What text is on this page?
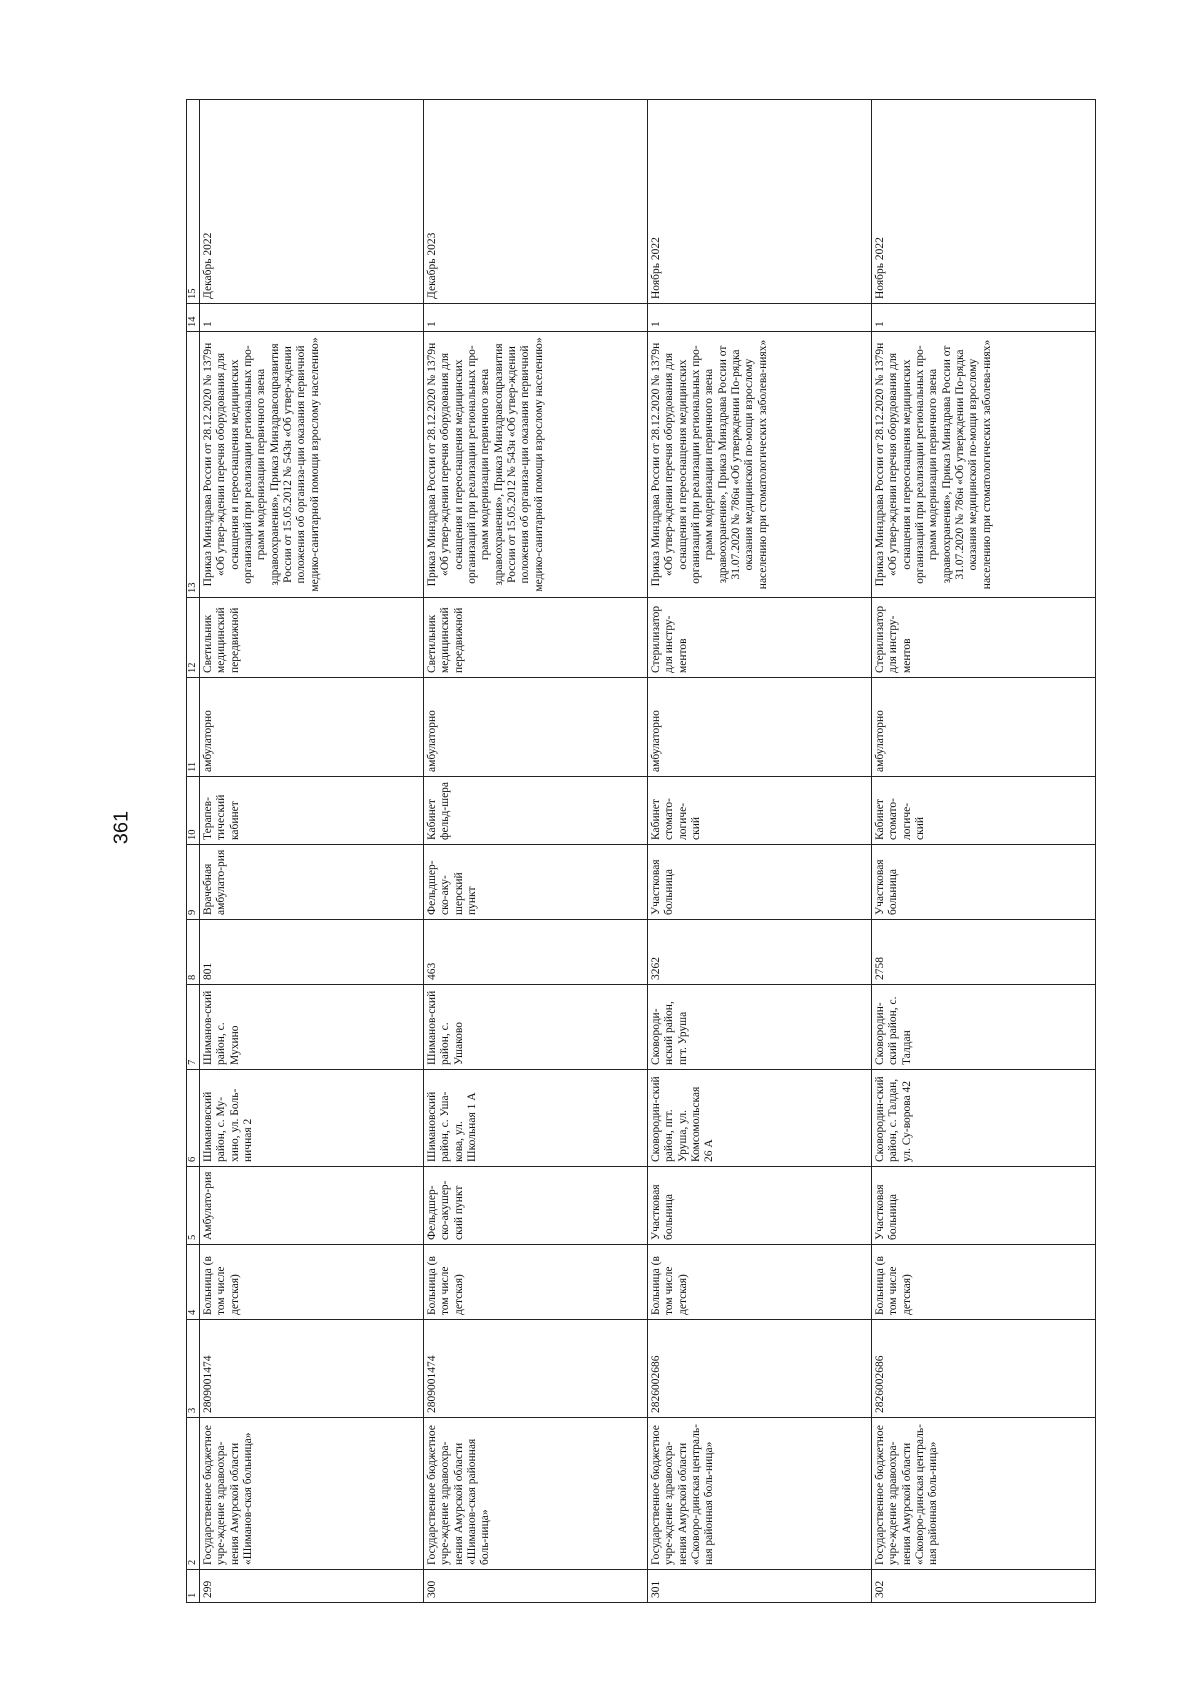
361
1	2	3	4	5	6	7	8	9	10	11	12	13	14	15
299	Государственное бюджетное учре-ждение здравоохра-нения Амурской области «Шиманов-ская больница»	2809001474	Больница (в том числе детская)	Амбулато-рия	Шимановский район, с. Му-хино, ул. Боль-ничная 2	Шиманов-ский район, с. Мухино	801	Врачебная амбулато-рия	Терапев-тический кабинет	амбулаторно	Светильник медицинский передвижной	Приказ Минздрава России от 28.12.2020 № 1379н «Об утвер-ждении перечня оборудования для оснащения и переоснащения медицинских организаций при реализации региональных про-грамм модернизации первичного звена здравоохранения», Приказ Минздравсоцразвития России от 15.05.2012 № 543н «Об утвер-ждении положения об организа-ции оказания первичной медико-санитарной помощи взрослому населению»	1	Декабрь 2022
300	Государственное бюджетное учре-ждение здравоохра-нения Амурской области «Шиманов-ская районная боль-ница»	2809001474	Больница (в том числе детская)	Фельдшер-ско-акушер-ский пункт	Шимановский район, с. Ушa-кова, ул. Школьная 1 А	Шиманов-ский район, с. Ушаково	463	Фельдшер-ско-аку-шерский пункт	Кабинет фельд-шера	амбулаторно	Светильник медицинский передвижной	Приказ Минздрава России от 28.12.2020 № 1379н «Об утвер-ждении перечня оборудования для оснащения и переоснащения медицинских организаций при реализации региональных про-грамм модернизации первичного звена здравоохранения», Приказ Минздравсоцразвития России от 15.05.2012 № 543н «Об утвер-ждении положения об организа-ции оказания первичной медико-санитарной помощи взрослому населению»	1	Декабрь 2023
301	Государственное бюджетное учре-ждение здравоохра-нения Амурской области «Сковоро-динская централь-ная районная боль-ница»	2826002686	Больница (в том числе детская)	Участковая больница	Сковородин-ский район, пгт. Уруша, ул. Комсомольская 26 А	Сковороди-нский район, пгт. Уруша	3262	Участковая больница	Кабинет стомато-логиче-ский	амбулаторно	Стерилизатор для инстру-ментов	Приказ Минздрава России от 28.12.2020 № 1379н «Об утвер-ждении перечня оборудования для оснащения и переоснащения медицинских организаций при реализации региональных про-грамм модернизации первичного звена здравоохранения», Приказ Минздрава России от 31.07.2020 № 786н «Об утверждении По-рядка оказания медицинской по-мощи взрослому населению при стоматологических заболева-ниях»	1	Ноябрь 2022
302	Государственное бюджетное учре-ждение здравоохра-нения Амурской области «Сковоро-динская централь-ная районная боль-ница»	2826002686	Больница (в том числе детская)	Участковая больница	Сковородин-ский район, с. Талдан, ул. Су-ворова 42	Сковородин-ский район, с. Талдан	2758	Участковая больница	Кабинет стомато-логиче-ский	амбулаторно	Стерилизатор для инстру-ментов	Приказ Минздрава России от 28.12.2020 № 1379н «Об утвер-ждении перечня оборудования для оснащения и переоснащения медицинских организаций при реализации региональных про-грамм модернизации первичного звена здравоохранения», Приказ Минздрава России от 31.07.2020 № 786н «Об утверждении По-рядка оказания медицинской по-мощи взрослому населению при стоматологических заболева-ниях»	1	Ноябрь 2022
